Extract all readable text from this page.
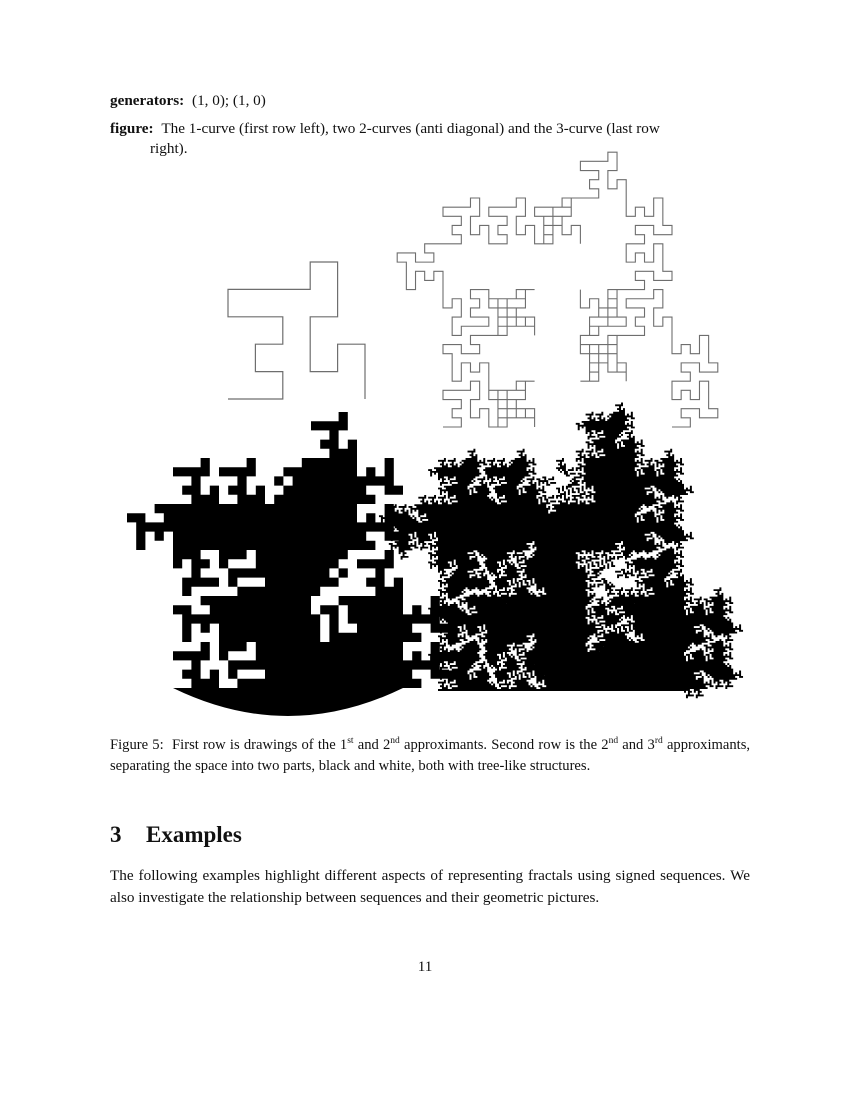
generators: (1, 0); (1, 0)
figure: The 1-curve (first row left), two 2-curves (anti diagonal) and the 3-curve (last row
right).
Figure 5: First row is drawings of the 1st and 2nd approximants. Second row is the 2nd and 3rd approximants, separating the space into two parts, black and white, both with tree-like structures.
3 Examples
The following examples highlight different aspects of representing fractals using signed sequences. We also investigate the relationship between sequences and their geometric pictures.
11
